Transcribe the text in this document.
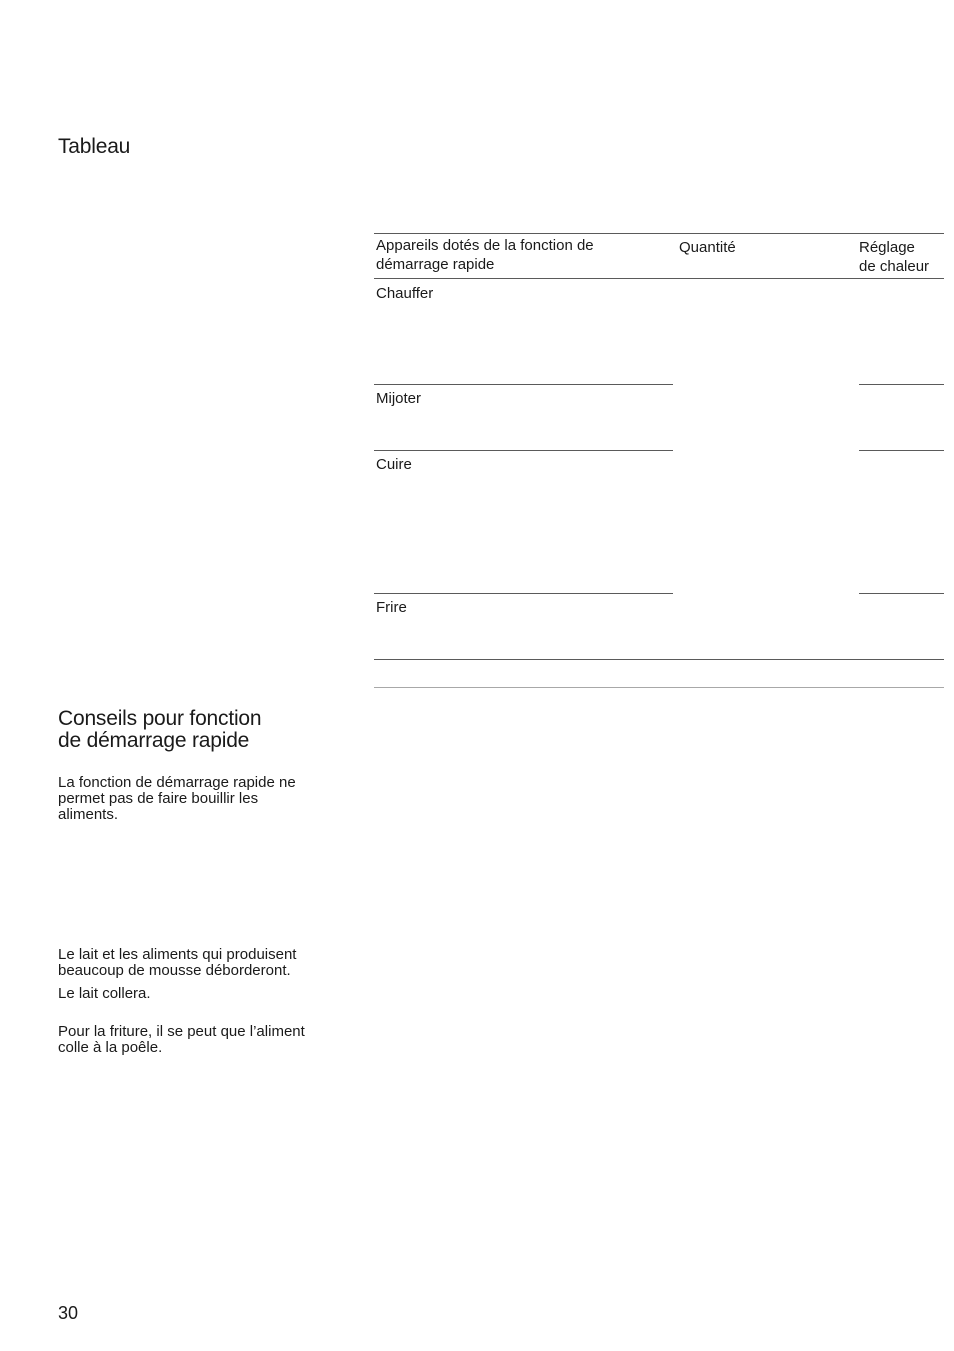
Tableau
Appareils dotés de la fonction de
démarrage rapide
Quantité	Réglage
de chaleur
Chauffer
Mijoter
Cuire
Frire
Conseils pour fonction
de démarrage rapide
La fonction de démarrage rapide ne
permet pas de faire bouillir les
aliments.
Le lait et les aliments qui produisent
beaucoup de mousse déborderont.
Le lait collera.
Pour la friture, il se peut que l’aliment
colle à la poêle.
30
